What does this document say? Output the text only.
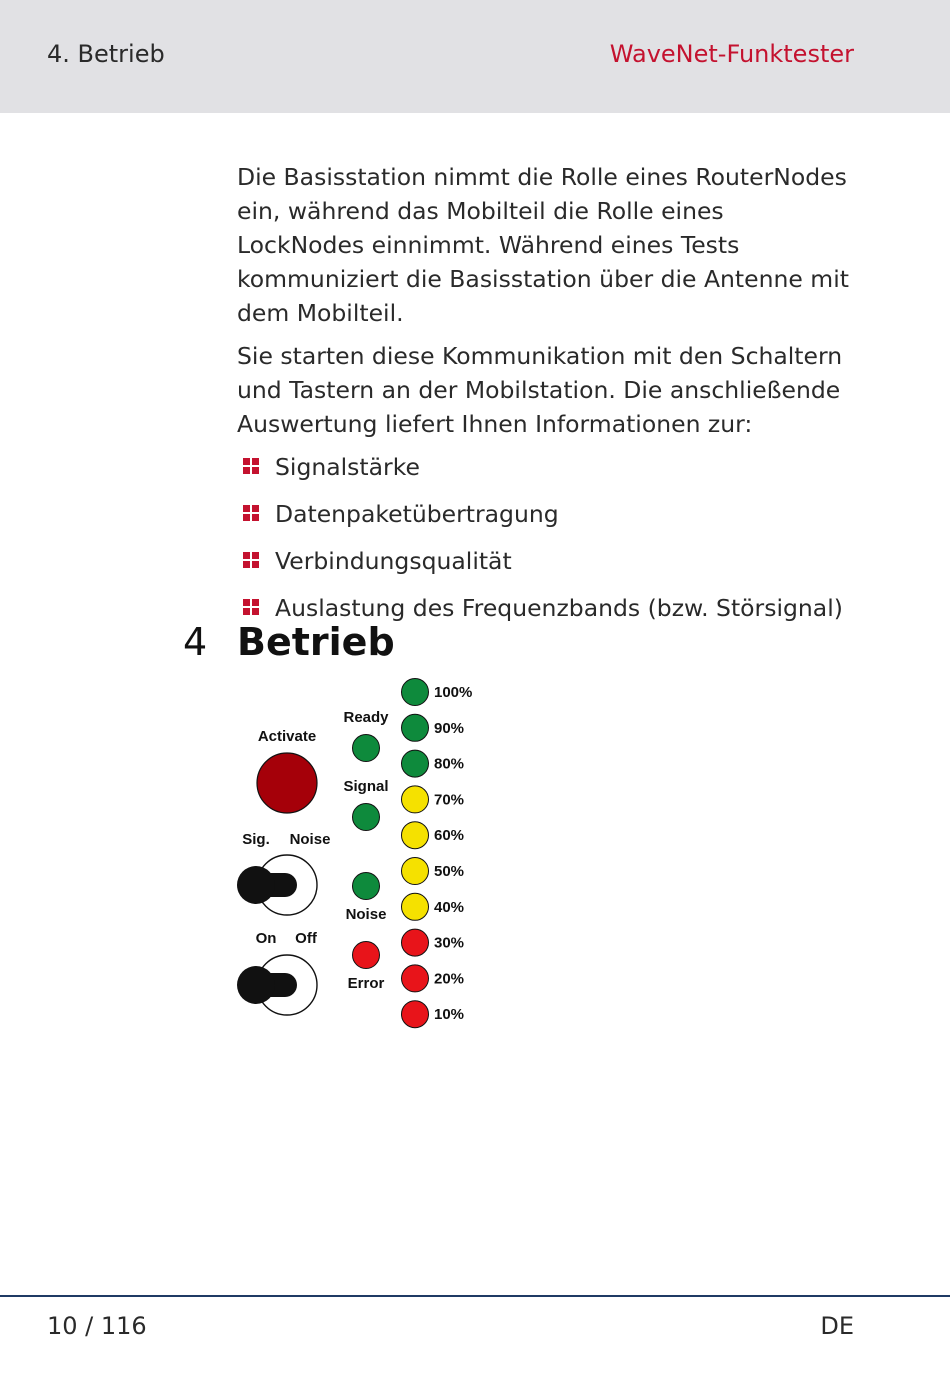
4. Betrieb	WaveNet-Funktester

Die Basisstation nimmt die Rolle eines RouterNodes ein, während das Mobilteil die Rolle eines LockNodes einnimmt. Während eines Tests kommuniziert die Basisstation über die Antenne mit dem Mobilteil.

Sie starten diese Kommunikation mit den Schaltern und Tastern an der Mobilstation. Die anschließende Auswertung liefert Ihnen Informationen zur:

Signalstärke
Datenpaketübertragung
Verbindungsqualität
Auslastung des Frequenzbands (bzw. Störsignal)
4 Betrieb
Activate
Sig. Noise
On Off
Ready
Signal
Noise
Error
100%
90%
80%
70%
60%
50%
40%
30%
20%
10%
10 / 116	DE
